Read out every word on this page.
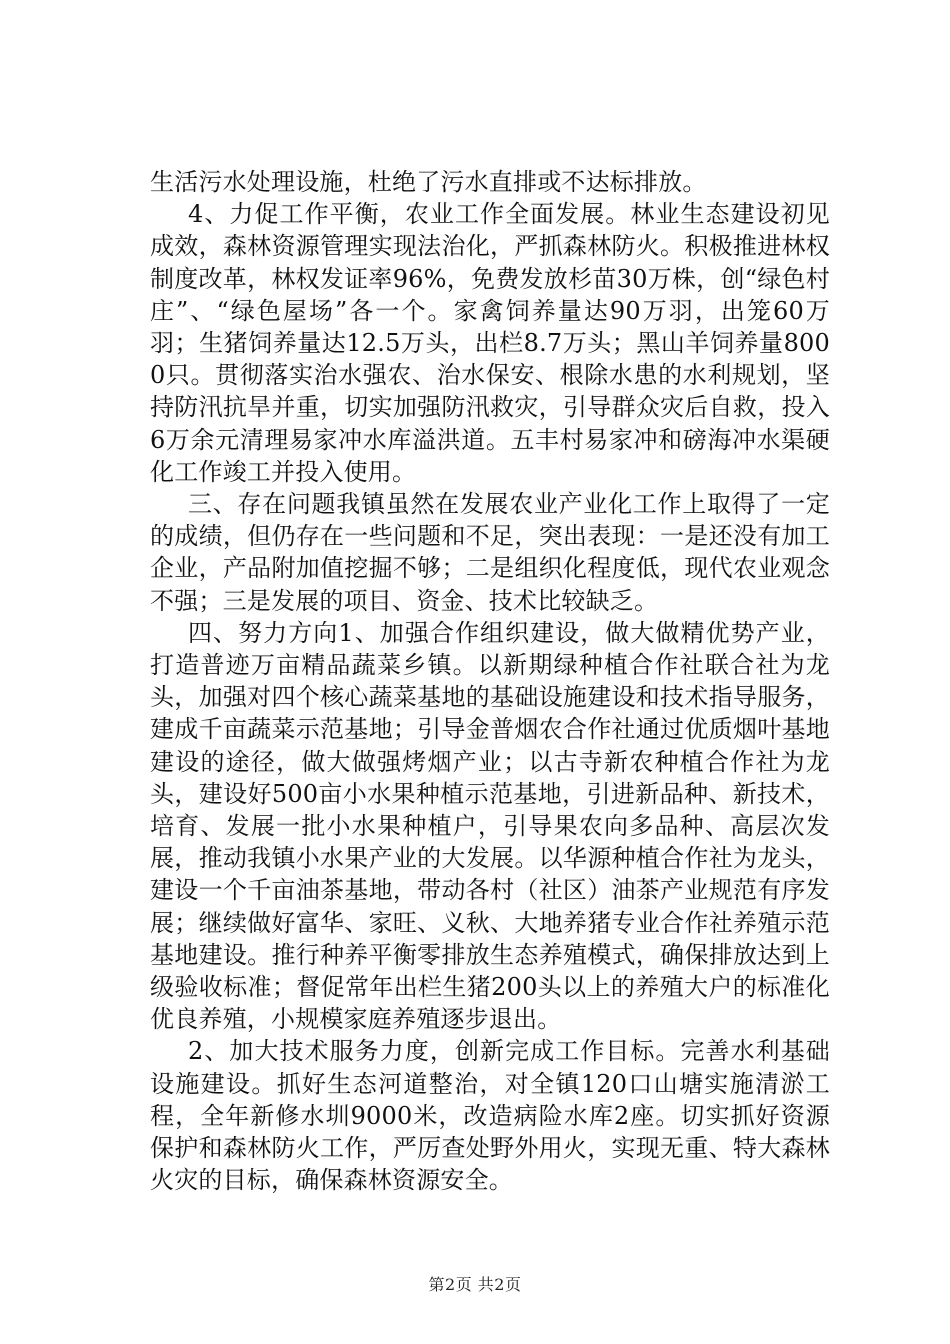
生活污水处理设施，杜绝了污水直排或不达标排放。

4、力促工作平衡，农业工作全面发展。林业生态建设初见成效，森林资源管理实现法治化，严抓森林防火。积极推进林权制度改革，林权发证率96%，免费发放杉苗30万株，创“绿色村庄”、“绿色屋场”各一个。家禽饲养量达90万羽，出笼60万羽；生猪饲养量达12.5万头，出栏8.7万头；黑山羊饲养量8000只。贯彻落实治水强农、治水保安、根除水患的水利规划，坚持防汛抗旱并重，切实加强防汛救灾，引导群众灾后自救，投入6万余元清理易家冲水库溢洪道。五丰村易家冲和磅海冲水渠硬化工作竣工并投入使用。

三、存在问题我镇虽然在发展农业产业化工作上取得了一定的成绩，但仍存在一些问题和不足，突出表现：一是还没有加工企业，产品附加值挖掘不够；二是组织化程度低，现代农业观念不强；三是发展的项目、资金、技术比较缺乏。

四、努力方向1、加强合作组织建设，做大做精优势产业，打造普迹万亩精品蔬菜乡镇。以新期绿种植合作社联合社为龙头，加强对四个核心蔬菜基地的基础设施建设和技术指导服务，建成千亩蔬菜示范基地；引导金普烟农合作社通过优质烟叶基地建设的途径，做大做强烤烟产业；以古寺新农种植合作社为龙头，建设好500亩小水果种植示范基地，引进新品种、新技术，培育、发展一批小水果种植户，引导果农向多品种、高层次发展，推动我镇小水果产业的大发展。以华源种植合作社为龙头，建设一个千亩油茶基地，带动各村（社区）油茶产业规范有序发展；继续做好富华、家旺、义秋、大地养猪专业合作社养殖示范基地建设。推行种养平衡零排放生态养殖模式，确保排放达到上级验收标准；督促常年出栏生猪200头以上的养殖大户的标准化优良养殖，小规模家庭养殖逐步退出。

2、加大技术服务力度，创新完成工作目标。完善水利基础设施建设。抓好生态河道整治，对全镇120口山塘实施清淤工程，全年新修水圳9000米，改造病险水库2座。切实抓好资源保护和森林防火工作，严厉查处野外用火，实现无重、特大森林火灾的目标，确保森林资源安全。

第2页 共2页
